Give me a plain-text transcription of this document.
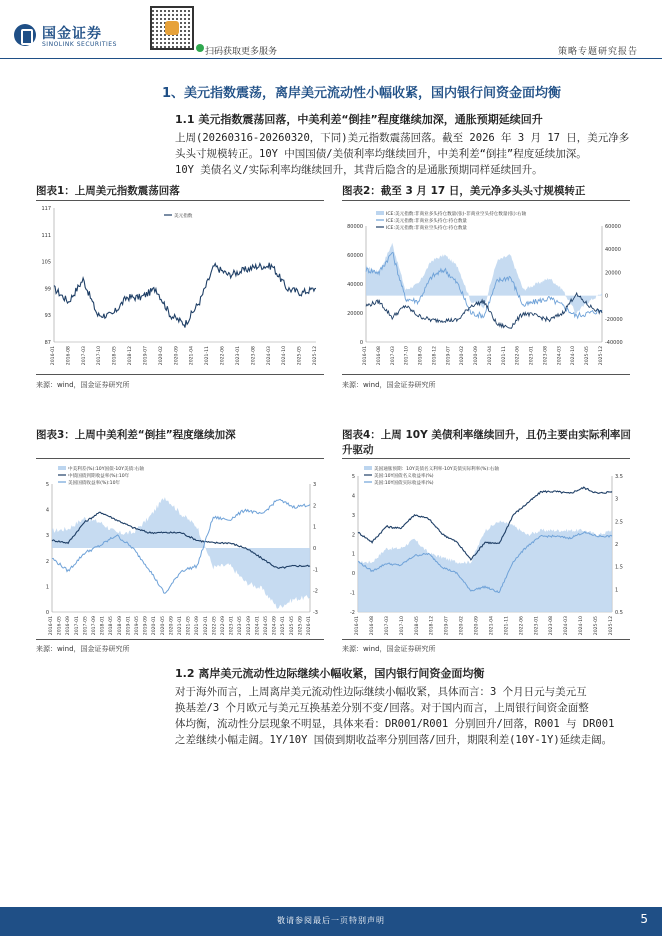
国金证券
SINOLINK SECURITIES
扫码获取更多服务	策略专题研究报告
1、美元指数震荡，离岸美元流动性小幅收紧，国内银行间资金面均衡
1.1 美元指数震荡回落，中美利差“倒挂”程度继续加深，通胀预期延续回升
上周(20260316-20260320，下同)美元指数震荡回落。截至 2026 年 3 月 17 日，美元净多
头头寸规模转正。10Y 中国国债/美债利率均继续回升，中美利差“倒挂”程度延续加深。
10Y 美债名义/实际利率均继续回升，其背后隐含的是通胀预期同样延续回升。
图表1：上周美元指数震荡回落
117
111
105
99
93
87
2016-01 2016-08 2017-03 2017-10 2018-05 2018-12 2019-07 2020-02 2020-09 2021-04 2021-11 2022-06 2023-01 2023-08 2024-03 2024-10 2025-05 2025-12
美元指数
来源：wind，国金证券研究所
图表2：截至 3 月 17 日，美元净多头头寸规模转正
80000
60000
40000
20000
0
60000
40000
20000
0
-20000
-40000
2016-01 2016-08 2017-03 2017-10 2018-05 2018-12 2019-07 2020-02 2020-09 2021-04 2021-11 2022-06 2023-01 2023-08 2024-03 2024-10 2025-05 2025-12
ICE:美元指数:非商业多头持仓数量(张)-非商业空头持仓数量(张):右轴
ICE:美元指数:非商业多头持仓:持仓数量
ICE:美元指数:非商业空头持仓:持仓数量
来源：wind，国金证券研究所
图表3：上周中美利差“倒挂”程度继续加深
5
4
3
2
1
0
3
2
1
0
-1
-2
-3
2016-01 2016-05 2016-09 2017-01 2017-05 2017-09 2018-01 2018-05 2018-09 2019-01 2019-05 2019-09 2020-01 2020-05 2020-09 2021-01 2021-05 2021-09 2022-01 2022-05 2022-09 2023-01 2023-05 2023-09 2024-01 2024-05 2024-09 2025-01 2025-05 2025-09 2026-01
中美利差(%):10Y国债-10Y美债:右轴
中债国债到期收益率(%):10年
美国国债收益率(%):10年
来源：wind，国金证券研究所
图表4：上周 10Y 美债利率继续回升，且仍主要由实际利率回升驱动
5
4
3
2
1
0
-1
-2
3.5
3
2.5
2
1.5
1
0.5
2016-01 2016-08 2017-03 2017-10 2018-05 2018-12 2019-07 2020-02 2020-09 2021-04 2021-11 2022-06 2023-01 2023-08 2024-03 2024-10 2025-05 2025-12
美国通胀预期：10Y美债名义利率-10Y美债实际利率(%):右轴
美国:10Y国债名义收益率(%)
美国:10Y国债实际收益率(%)
来源：wind，国金证券研究所
1.2 离岸美元流动性边际继续小幅收紧，国内银行间资金面均衡
对于海外而言，上周离岸美元流动性边际继续小幅收紧，具体而言：3 个月日元与美元互
换基差/3 个月欧元与美元互换基差分别不变/回落。对于国内而言，上周银行间资金面整
体均衡，流动性分层现象不明显，具体来看：DR001/R001 分别回升/回落，R001 与 DR001
之差继续小幅走阔。1Y/10Y 国债到期收益率分别回落/回升，期限利差(10Y-1Y)延续走阔。
敬请参阅最后一页特别声明	5
